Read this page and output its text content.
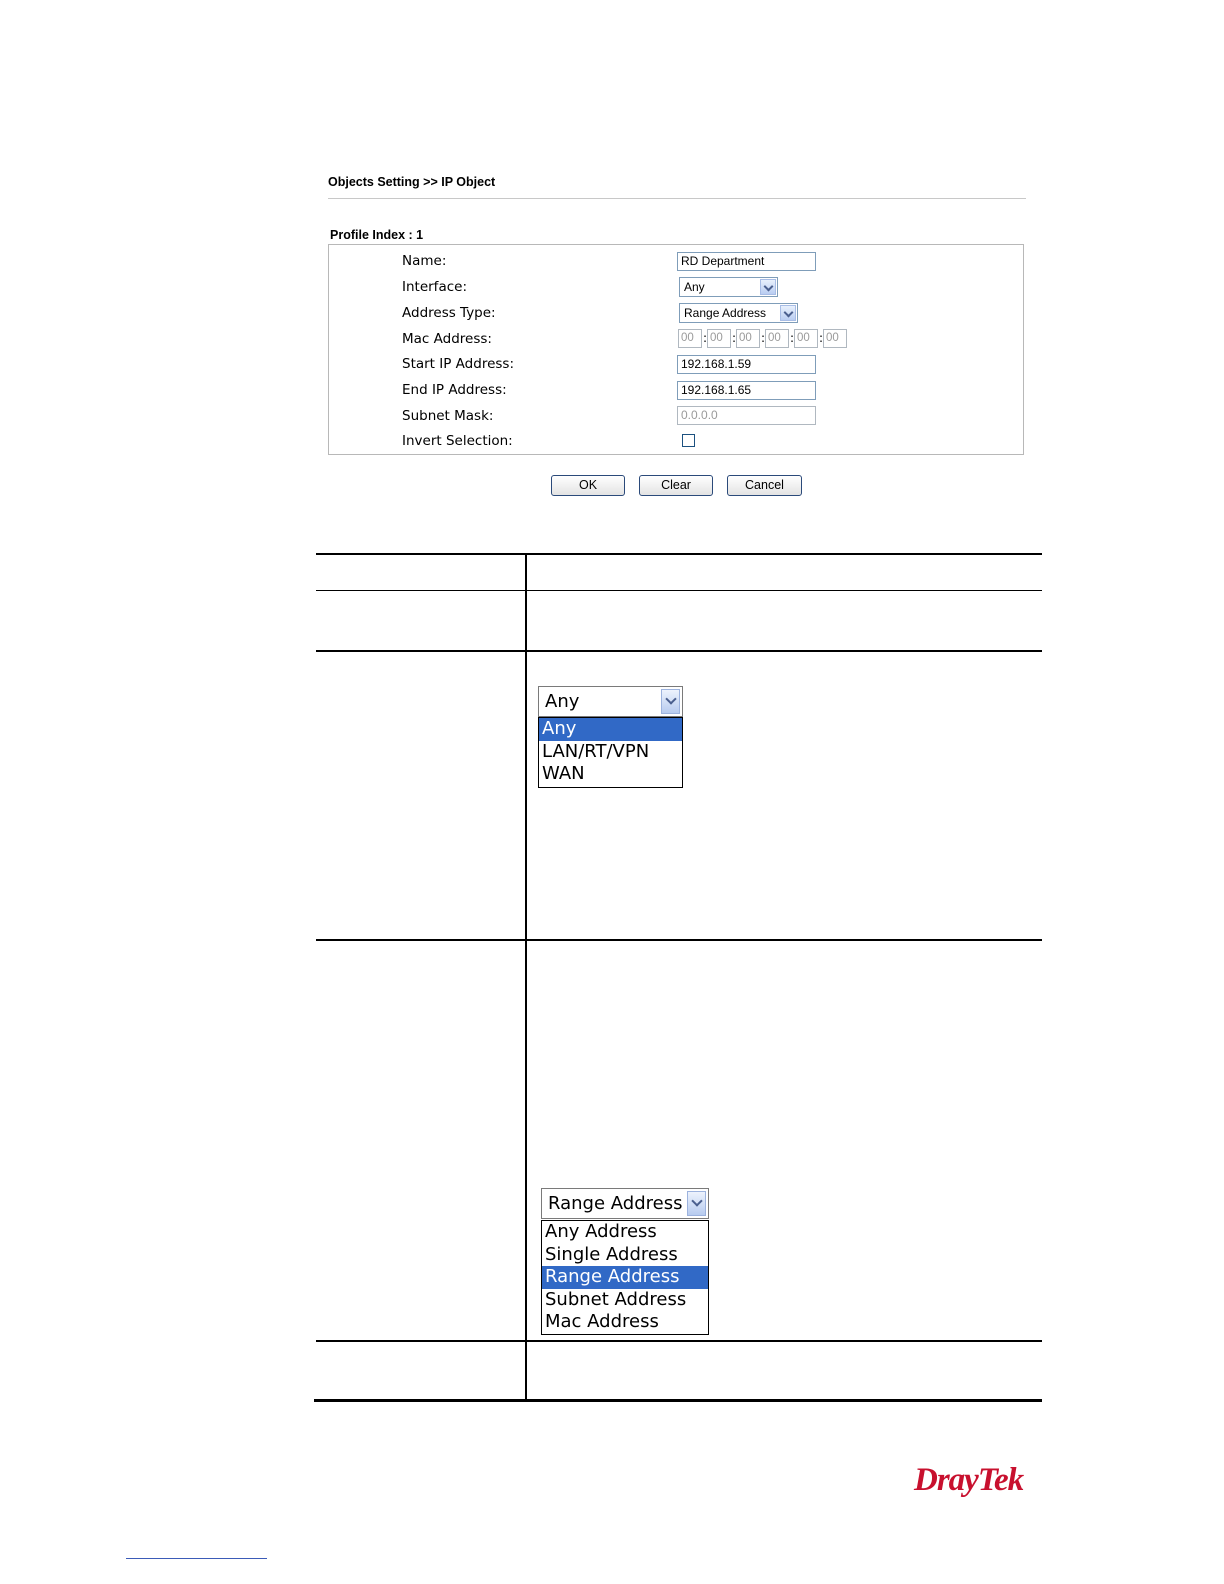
Objects Setting >> IP Object
Profile Index : 1
Name:	RD Department
Interface:	Any
Address Type:	Range Address
Mac Address:	00 : 00 : 00 : 00 : 00 : 00
Start IP Address:	192.168.1.59
End IP Address:	192.168.1.65
Subnet Mask:	0.0.0.0
Invert Selection:
OK	Clear	Cancel
Any
Any
LAN/RT/VPN
WAN
Range Address
Any Address
Single Address
Range Address
Subnet Address
Mac Address
DrayTek
